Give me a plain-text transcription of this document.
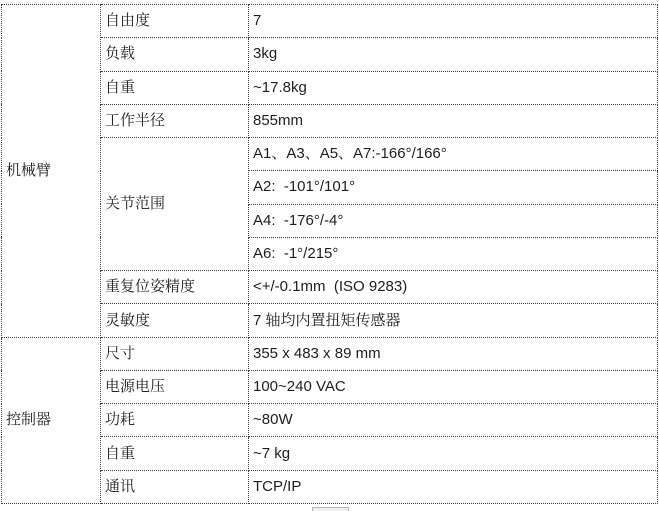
机械臂	自由度	7
	负载	3kg
	自重	~17.8kg
	工作半径	855mm
	关节范围	A1、A3、A5、A7:-166°/166°
		A2:  -101°/101°
		A4:  -176°/-4°
		A6:  -1°/215°
	重复位姿精度	<+/-0.1mm  (ISO 9283)
	灵敏度	7 轴均内置扭矩传感器
控制器	尺寸	355 x 483 x 89 mm
	电源电压	100~240 VAC
	功耗	~80W
	自重	~7 kg
	通讯	TCP/IP
